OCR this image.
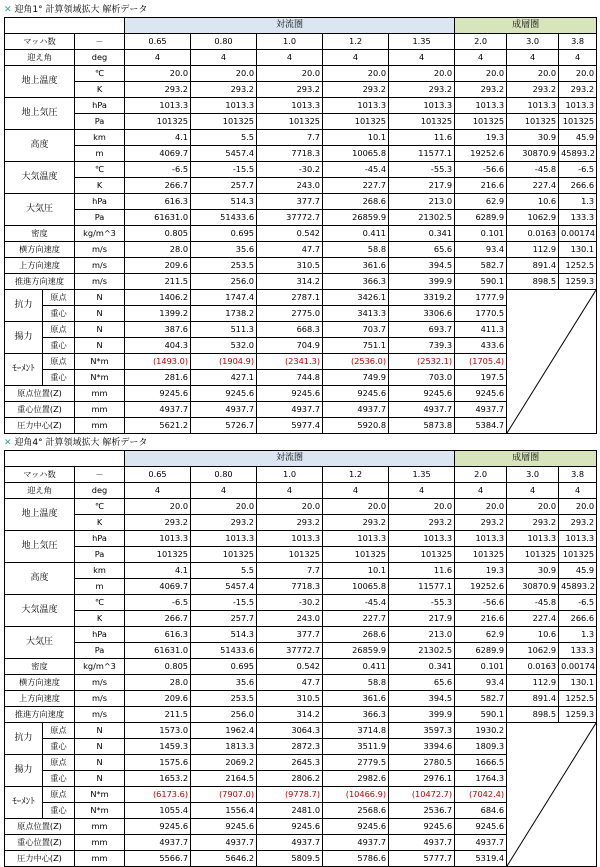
✕ 迎角1° 計算領域拡大 解析データ
			対流圏					成層圏		
マッハ数		－	0.65	0.80	1.0	1.2	1.35	2.0	3.0	3.8
迎え角		deg	4	4	4	4	4	4	4	4
地上温度		℃	20.0	20.0	20.0	20.0	20.0	20.0	20.0	20.0
		K	293.2	293.2	293.2	293.2	293.2	293.2	293.2	293.2
地上気圧		hPa	1013.3	1013.3	1013.3	1013.3	1013.3	1013.3	1013.3	1013.3
		Pa	101325	101325	101325	101325	101325	101325	101325	101325
高度		km	4.1	5.5	7.7	10.1	11.6	19.3	30.9	45.9
		m	4069.7	5457.4	7718.3	10065.8	11577.1	19252.6	30870.9	45893.2
大気温度		℃	-6.5	-15.5	-30.2	-45.4	-55.3	-56.6	-45.8	-6.5
		K	266.7	257.7	243.0	227.7	217.9	216.6	227.4	266.6
大気圧		hPa	616.3	514.3	377.7	268.6	213.0	62.9	10.6	1.3
		Pa	61631.0	51433.6	37772.7	26859.9	21302.5	6289.9	1062.9	133.3
密度		kg/m^3	0.805	0.695	0.542	0.411	0.341	0.101	0.0163	0.00174
横方向速度		m/s	28.0	35.6	47.7	58.8	65.6	93.4	112.9	130.1
上方向速度		m/s	209.6	253.5	310.5	361.6	394.5	582.7	891.4	1252.5
推進方向速度		m/s	211.5	256.0	314.2	366.3	399.9	590.1	898.5	1259.3
抗力	原点	N	1406.2	1747.4	2787.1	3426.1	3319.2	1777.9	

	重心	N	1399.2	1738.2	2775.0	3413.3	3306.6	1770.5		
揚力	原点	N	387.6	511.3	668.3	703.7	693.7	411.3		
	重心	N	404.3	532.0	704.9	751.1	739.3	433.6		
ﾓｰﾒﾝﾄ	原点	N*m	(1493.0)	(1904.9)	(2341.3)	(2536.0)	(2532.1)	(1705.4)		
	重心	N*m	281.6	427.1	744.8	749.9	703.0	197.5		
原点位置(Z)		mm	9245.6	9245.6	9245.6	9245.6	9245.6	9245.6		
重心位置(Z)		mm	4937.7	4937.7	4937.7	4937.7	4937.7	4937.7		
圧力中心(Z)		mm	5621.2	5726.7	5977.4	5920.8	5873.8	5384.7		
✕ 迎角4° 計算領域拡大 解析データ
			対流圏					成層圏		
マッハ数		－	0.65	0.80	1.0	1.2	1.35	2.0	3.0	3.8
迎え角		deg	4	4	4	4	4	4	4	4
地上温度		℃	20.0	20.0	20.0	20.0	20.0	20.0	20.0	20.0
		K	293.2	293.2	293.2	293.2	293.2	293.2	293.2	293.2
地上気圧		hPa	1013.3	1013.3	1013.3	1013.3	1013.3	1013.3	1013.3	1013.3
		Pa	101325	101325	101325	101325	101325	101325	101325	101325
高度		km	4.1	5.5	7.7	10.1	11.6	19.3	30.9	45.9
		m	4069.7	5457.4	7718.3	10065.8	11577.1	19252.6	30870.9	45893.2
大気温度		℃	-6.5	-15.5	-30.2	-45.4	-55.3	-56.6	-45.8	-6.5
		K	266.7	257.7	243.0	227.7	217.9	216.6	227.4	266.6
大気圧		hPa	616.3	514.3	377.7	268.6	213.0	62.9	10.6	1.3
		Pa	61631.0	51433.6	37772.7	26859.9	21302.5	6289.9	1062.9	133.3
密度		kg/m^3	0.805	0.695	0.542	0.411	0.341	0.101	0.0163	0.00174
横方向速度		m/s	28.0	35.6	47.7	58.8	65.6	93.4	112.9	130.1
上方向速度		m/s	209.6	253.5	310.5	361.6	394.5	582.7	891.4	1252.5
推進方向速度		m/s	211.5	256.0	314.2	366.3	399.9	590.1	898.5	1259.3
抗力	原点	N	1573.0	1962.4	3064.3	3714.8	3597.3	1930.2	

	重心	N	1459.3	1813.3	2872.3	3511.9	3394.6	1809.3		
揚力	原点	N	1575.6	2069.2	2645.3	2779.5	2780.5	1666.5		
	重心	N	1653.2	2164.5	2806.2	2982.6	2976.1	1764.3		
ﾓｰﾒﾝﾄ	原点	N*m	(6173.6)	(7907.0)	(9778.7)	(10466.9)	(10472.7)	(7042.4)		
	重心	N*m	1055.4	1556.4	2481.0	2568.6	2536.7	684.6		
原点位置(Z)		mm	9245.6	9245.6	9245.6	9245.6	9245.6	9245.6		
重心位置(Z)		mm	4937.7	4937.7	4937.7	4937.7	4937.7	4937.7		
圧力中心(Z)		mm	5566.7	5646.2	5809.5	5786.6	5777.7	5319.4		
